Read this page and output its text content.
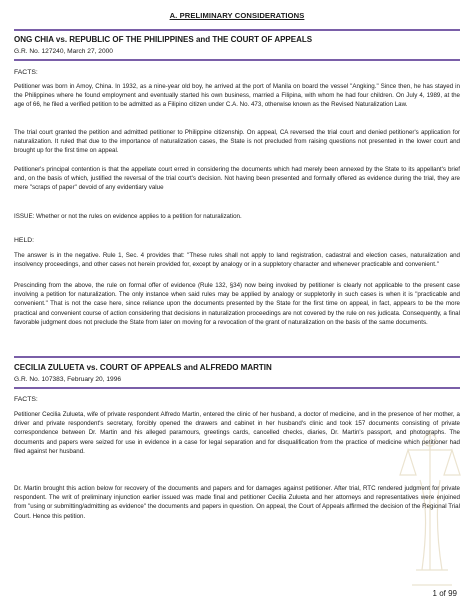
A. PRELIMINARY CONSIDERATIONS
ONG CHIA vs. REPUBLIC OF THE PHILIPPINES and THE COURT OF APPEALS
G.R. No. 127240, March 27, 2000
FACTS:
Petitioner was born in Amoy, China. In 1932, as a nine-year old boy, he arrived at the port of Manila on board the vessel "Angking." Since then, he has stayed in the Philippines where he found employment and eventually started his own business, married a Filipina, with whom he had four children. On July 4, 1989, at the age of 66, he filed a verified petition to be admitted as a Filipino citizen under C.A. No. 473, otherwise known as the Revised Naturalization Law.
The trial court granted the petition and admitted petitioner to Philippine citizenship. On appeal, CA reversed the trial court and denied petitioner's application for naturalization. It ruled that due to the importance of naturalization cases, the State is not precluded from raising questions not presented in the lower court and brought up for the first time on appeal.
Petitioner's principal contention is that the appellate court erred in considering the documents which had merely been annexed by the State to its appellant's brief and, on the basis of which, justified the reversal of the trial court's decision. Not having been presented and formally offered as evidence during the trial, they are mere "scraps of paper" devoid of any evidentiary value
ISSUE: Whether or not the rules on evidence applies to a petition for naturalization.
HELD:
The answer is in the negative. Rule 1, Sec. 4 provides that: "These rules shall not apply to land registration, cadastral and election cases, naturalization and insolvency proceedings, and other cases not herein provided for, except by analogy or in a suppletory character and whenever practicable and convenient."
Prescinding from the above, the rule on formal offer of evidence (Rule 132, §34) now being invoked by petitioner is clearly not applicable to the present case involving a petition for naturalization. The only instance when said rules may be applied by analogy or suppletorily in such cases is when it is "practicable and convenient." That is not the case here, since reliance upon the documents presented by the State for the first time on appeal, in fact, appears to be the more practical and convenient course of action considering that decisions in naturalization proceedings are not covered by the rule on res judicata. Consequently, a final favorable judgment does not preclude the State from later on moving for a revocation of the grant of naturalization on the basis of the same documents.
CECILIA ZULUETA vs. COURT OF APPEALS and ALFREDO MARTIN
G.R. No. 107383, February 20, 1996
FACTS:
Petitioner Cecilia Zulueta, wife of private respondent Alfredo Martin, entered the clinic of her husband, a doctor of medicine, and in the presence of her mother, a driver and private respondent's secretary, forcibly opened the drawers and cabinet in her husband's clinic and took 157 documents consisting of private correspondence between Dr. Martin and his alleged paramours, greetings cards, cancelled checks, diaries, Dr. Martin's passport, and photographs. The documents and papers were seized for use in evidence in a case for legal separation and for disqualification from the practice of medicine which petitioner had filed against her husband.
Dr. Martin brought this action below for recovery of the documents and papers and for damages against petitioner. After trial, RTC rendered judgment for private respondent. The writ of preliminary injunction earlier issued was made final and petitioner Cecilia Zulueta and her attorneys and representatives were enjoined from "using or submitting/admitting as evidence" the documents and papers in question. On appeal, the Court of Appeals affirmed the decision of the Regional Trial Court. Hence this petition.
1 of 99
